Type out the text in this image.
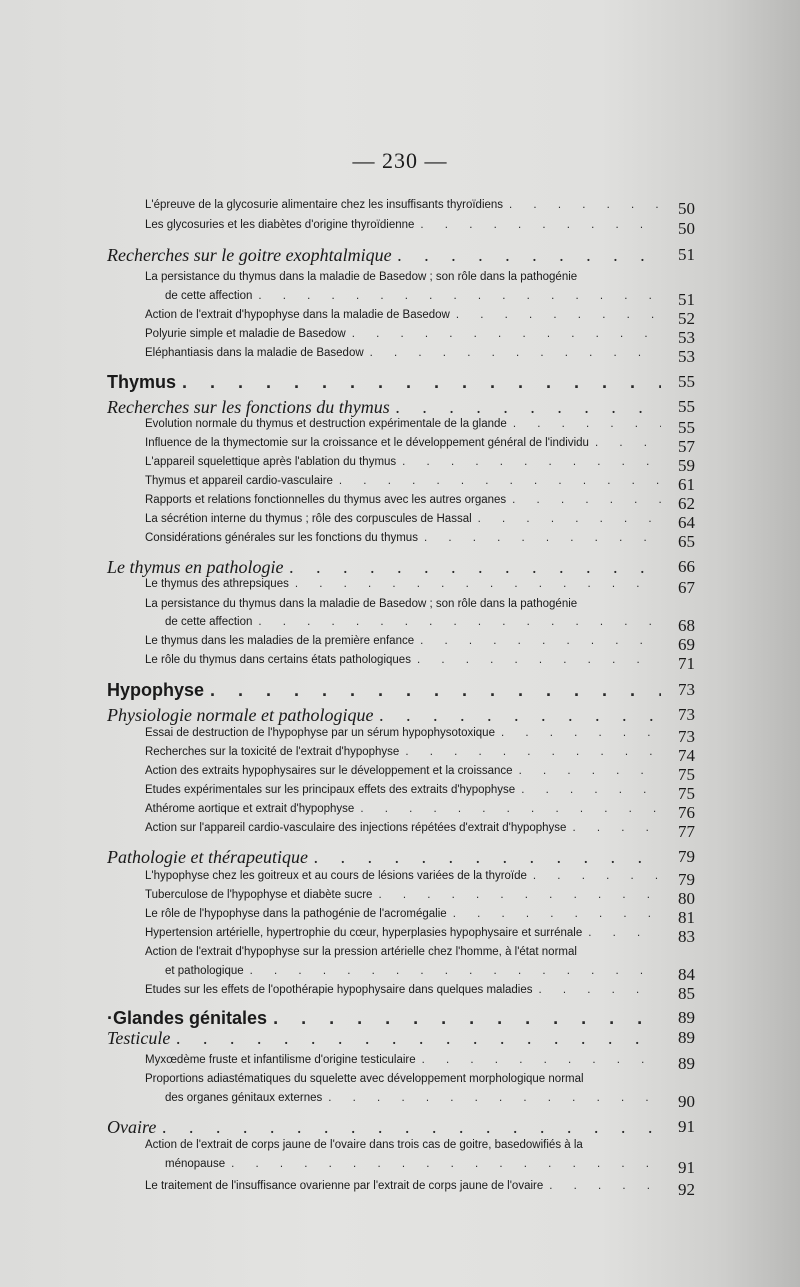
— 230 —
L'épreuve de la glycosurie alimentaire chez les insuffisants thyroïdiens . . .	50
Les glycosuries et les diabètes d'origine thyroïdienne . . .	50
Recherches sur le goitre exophtalmique . . .	51
La persistance du thymus dans la maladie de Basedow ; son rôle dans la pathogénie
de cette affection . . .	51
Action de l'extrait d'hypophyse dans la maladie de Basedow . . .	52
Polyurie simple et maladie de Basedow . . .	53
Eléphantiasis dans la maladie de Basedow . . .	53
Thymus . . .	55
Recherches sur les fonctions du thymus . . .	55
Evolution normale du thymus et destruction expérimentale de la glande . . .	55
Influence de la thymectomie sur la croissance et le développement général de l'individu . . .	57
L'appareil squelettique après l'ablation du thymus . . .	59
Thymus et appareil cardio-vasculaire . . .	61
Rapports et relations fonctionnelles du thymus avec les autres organes . . .	62
La sécrétion interne du thymus ; rôle des corpuscules de Hassal . . .	64
Considérations générales sur les fonctions du thymus . . .	65
Le thymus en pathologie . . .	66
Le thymus des athrepsiques . . .	67
La persistance du thymus dans la maladie de Basedow ; son rôle dans la pathogénie
de cette affection . . .	68
Le thymus dans les maladies de la première enfance . . .	69
Le rôle du thymus dans certains états pathologiques . . .	71
Hypophyse . . .	73
Physiologie normale et pathologique . . .	73
Essai de destruction de l'hypophyse par un sérum hypophysotoxique . . .	73
Recherches sur la toxicité de l'extrait d'hypophyse . . .	74
Action des extraits hypophysaires sur le développement et la croissance . . .	75
Etudes expérimentales sur les principaux effets des extraits d'hypophyse . . .	75
Athérome aortique et extrait d'hypophyse . . .	76
Action sur l'appareil cardio-vasculaire des injections répétées d'extrait d'hypophyse . . .	77
Pathologie et thérapeutique . . .	79
L'hypophyse chez les goitreux et au cours de lésions variées de la thyroïde . . .	79
Tuberculose de l'hypophyse et diabète sucre . . .	80
Le rôle de l'hypophyse dans la pathogénie de l'acromégalie . . .	81
Hypertension artérielle, hypertrophie du cœur, hyperplasies hypophysaire et surrénale . . .	83
Action de l'extrait d'hypophyse sur la pression artérielle chez l'homme, à l'état normal
et pathologique . . .	84
Etudes sur les effets de l'opothérapie hypophysaire dans quelques maladies . . .	85
·Glandes génitales . . .	89
Testicule . . .	89
Myxœdème fruste et infantilisme d'origine testiculaire . . .	89
Proportions adiastématiques du squelette avec développement morphologique normal
des organes génitaux externes . . .	90
Ovaire . . .	91
Action de l'extrait de corps jaune de l'ovaire dans trois cas de goitre, basedowifiés à la
ménopause . . .	91
Le traitement de l'insuffisance ovarienne par l'extrait de corps jaune de l'ovaire . . .	92
